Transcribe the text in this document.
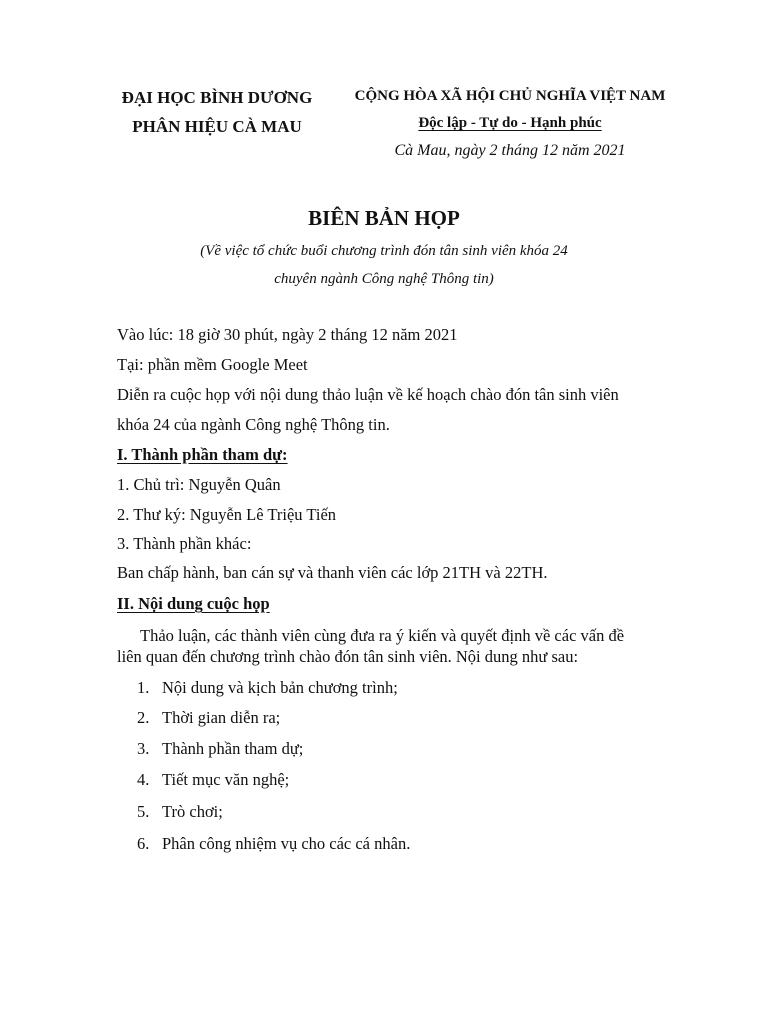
ĐẠI HỌC BÌNH DƯƠNG
PHÂN HIỆU CÀ MAU
CỘNG HÒA XÃ HỘI CHỦ NGHĨA VIỆT NAM
Độc lập - Tự do - Hạnh phúc
Cà Mau, ngày 2 tháng 12 năm 2021
BIÊN BẢN HỌP
(Về việc tổ chức buổi chương trình đón tân sinh viên khóa 24
chuyên ngành Công nghệ Thông tin)
Vào lúc: 18 giờ 30 phút, ngày 2 tháng 12 năm 2021
Tại: phần mềm Google Meet
Diễn ra cuộc họp với nội dung thảo luận về kế hoạch chào đón tân sinh viên
khóa 24 của ngành Công nghệ Thông tin.
I. Thành phần tham dự:
1. Chủ trì: Nguyễn Quân
2. Thư ký: Nguyễn Lê Triệu Tiến
3. Thành phần khác:
Ban chấp hành, ban cán sự và thanh viên các lớp 21TH và 22TH.
II. Nội dung cuộc họp
Thảo luận, các thành viên cùng đưa ra ý kiến và quyết định về các vấn đề
liên quan đến chương trình chào đón tân sinh viên. Nội dung như sau:
1. Nội dung và kịch bản chương trình;
2. Thời gian diễn ra;
3. Thành phần tham dự;
4. Tiết mục văn nghệ;
5. Trò chơi;
6. Phân công nhiệm vụ cho các cá nhân.
